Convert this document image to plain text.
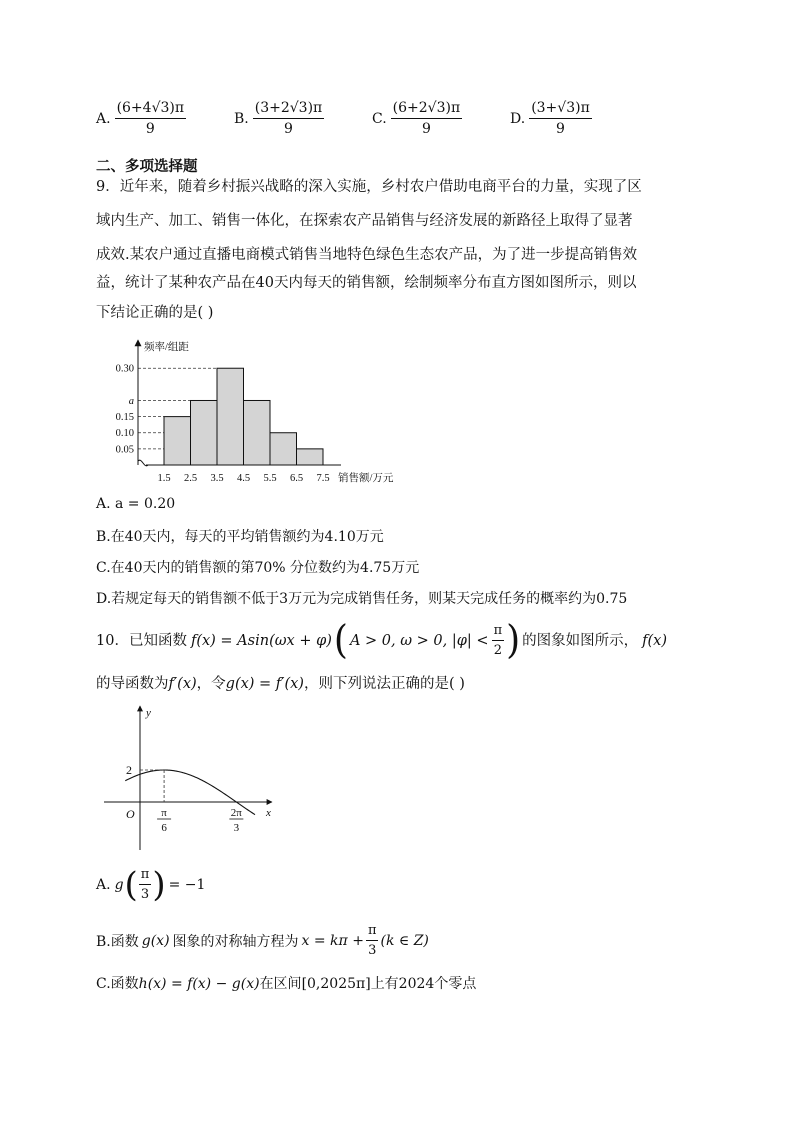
A. $\frac{(6+4√3)\pi}{9}$	B. $\frac{(3+2√3)\pi}{9}$	C. $\frac{(6+2√3)\pi}{9}$	D. $\frac{(3+√3)\pi}{9}$
二、多项选择题
9．近年来，随着乡村振兴战略的深入实施，乡村农户借助电商平台的力量，实现了区
域内生产、加工、销售一体化，在探索农产品销售与经济发展的新路径上取得了显著
成效.某农户通过直播电商模式销售当地特色绿色生态农产品，为了进一步提高销售效
益，统计了某种农产品在40天内每天的销售额，绘制频率分布直方图如图所示，则以
下结论正确的是( )
0.05
0.10
0.15
a
0.30
1.5 2.5 3.5 4.5 5.5 6.5 7.5
频率/组距
销售额/万元
A. a = 0.20
B.在40天内，每天的平均销售额约为4.10万元
C.在40天内的销售额的第70% 分位数约为4.75万元
D.若规定每天的销售额不低于3万元为完成销售任务，则某天完成任务的概率约为0.75
10．已知函数 f(x) = Asin(ωx + φ) ( A > 0, ω > 0, $|\varphi| < \frac{\pi}{2}$ ) 的图象如图所示， f(x)
的导函数为f′(x)，令g(x) = f′(x)，则下列说法正确的是( )
y
x
O
2
π
6
2π
3
A. g ( $\frac{\pi}{3}$ ) = −1
B.函数 g(x) 图象的对称轴方程为 $x = k\pi + \frac{\pi}{3} (k$ ∈ Z)
C.函数h(x) = f(x) − g(x)在区间[0,2025π]上有2024个零点
